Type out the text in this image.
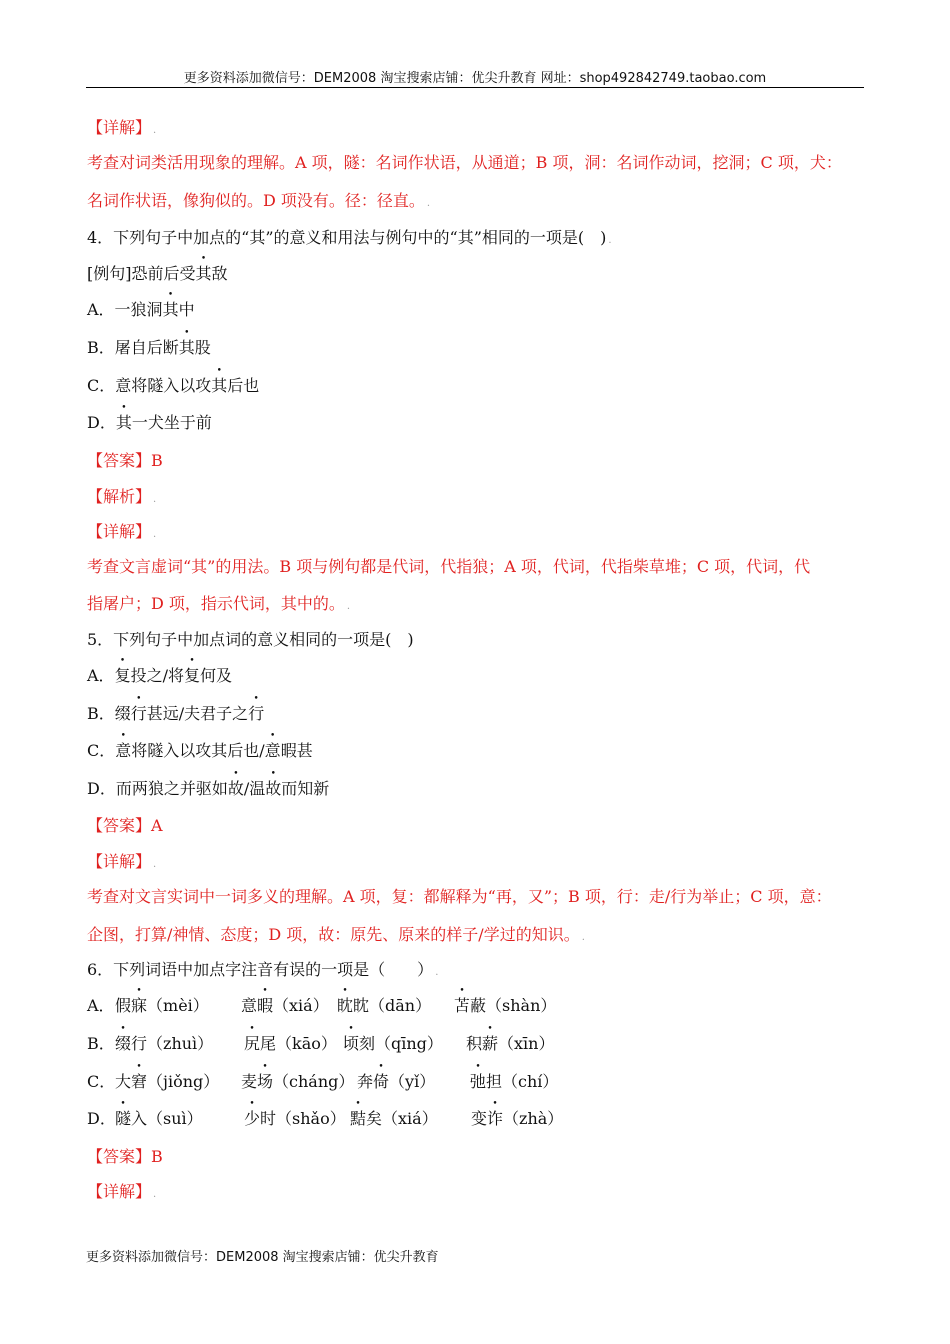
更多资料添加微信号：DEM2008 淘宝搜索店铺：优尖升教育 网址：shop492842749.taobao.com
【详解】 .
考查对词类活用现象的理解。A 项，隧：名词作状语，从通道；B 项，洞：名词作动词，挖洞；C 项，犬：
名词作状语，像狗似的。D 项没有。径：径直。 .
4．下列句子中加点的“其”的意义和用法与例句中的“其”相同的一项是(　) .
[例句]恐前后受其敌
A．一狼洞其中
B．屠自后断其股
C．意将隧入以攻其后也
D．其一犬坐于前
【答案】B
【解析】 .
【详解】 .
考查文言虚词“其”的用法。B 项与例句都是代词，代指狼；A 项，代词，代指柴草堆；C 项，代词，代
指屠户；D 项，指示代词，其中的。 .
5．下列句子中加点词的意义相同的一项是(　)
A．复投之/将复何及
B．缀行甚远/夫君子之行
C．意将隧入以攻其后也/意暇甚
D．而两狼之并驱如故/温故而知新
【答案】A
【详解】 .
考查对文言实词中一词多义的理解。A 项，复：都解释为“再，又”；B 项，行：走/行为举止；C 项，意：
企图，打算/神情、态度；D 项，故：原先、原来的样子/学过的知识。 .
6．下列词语中加点字注音有误的一项是（　　） .
A． 假寐（mèi） 意暇（xiá） 眈眈（dān） 苫蔽（shàn）
B． 缀行（zhuì） 尻尾（kāo） 顷刻（qīng） 积薪（xīn）
C． 大窘（jiǒng） 麦场（cháng） 奔倚（yǐ） 弛担（chí）
D． 隧入（suì）	少时（shǎo） 黠矣（xiá） 变诈（zhà）
【答案】B
【详解】 .
更多资料添加微信号：DEM2008 淘宝搜索店铺：优尖升教育
